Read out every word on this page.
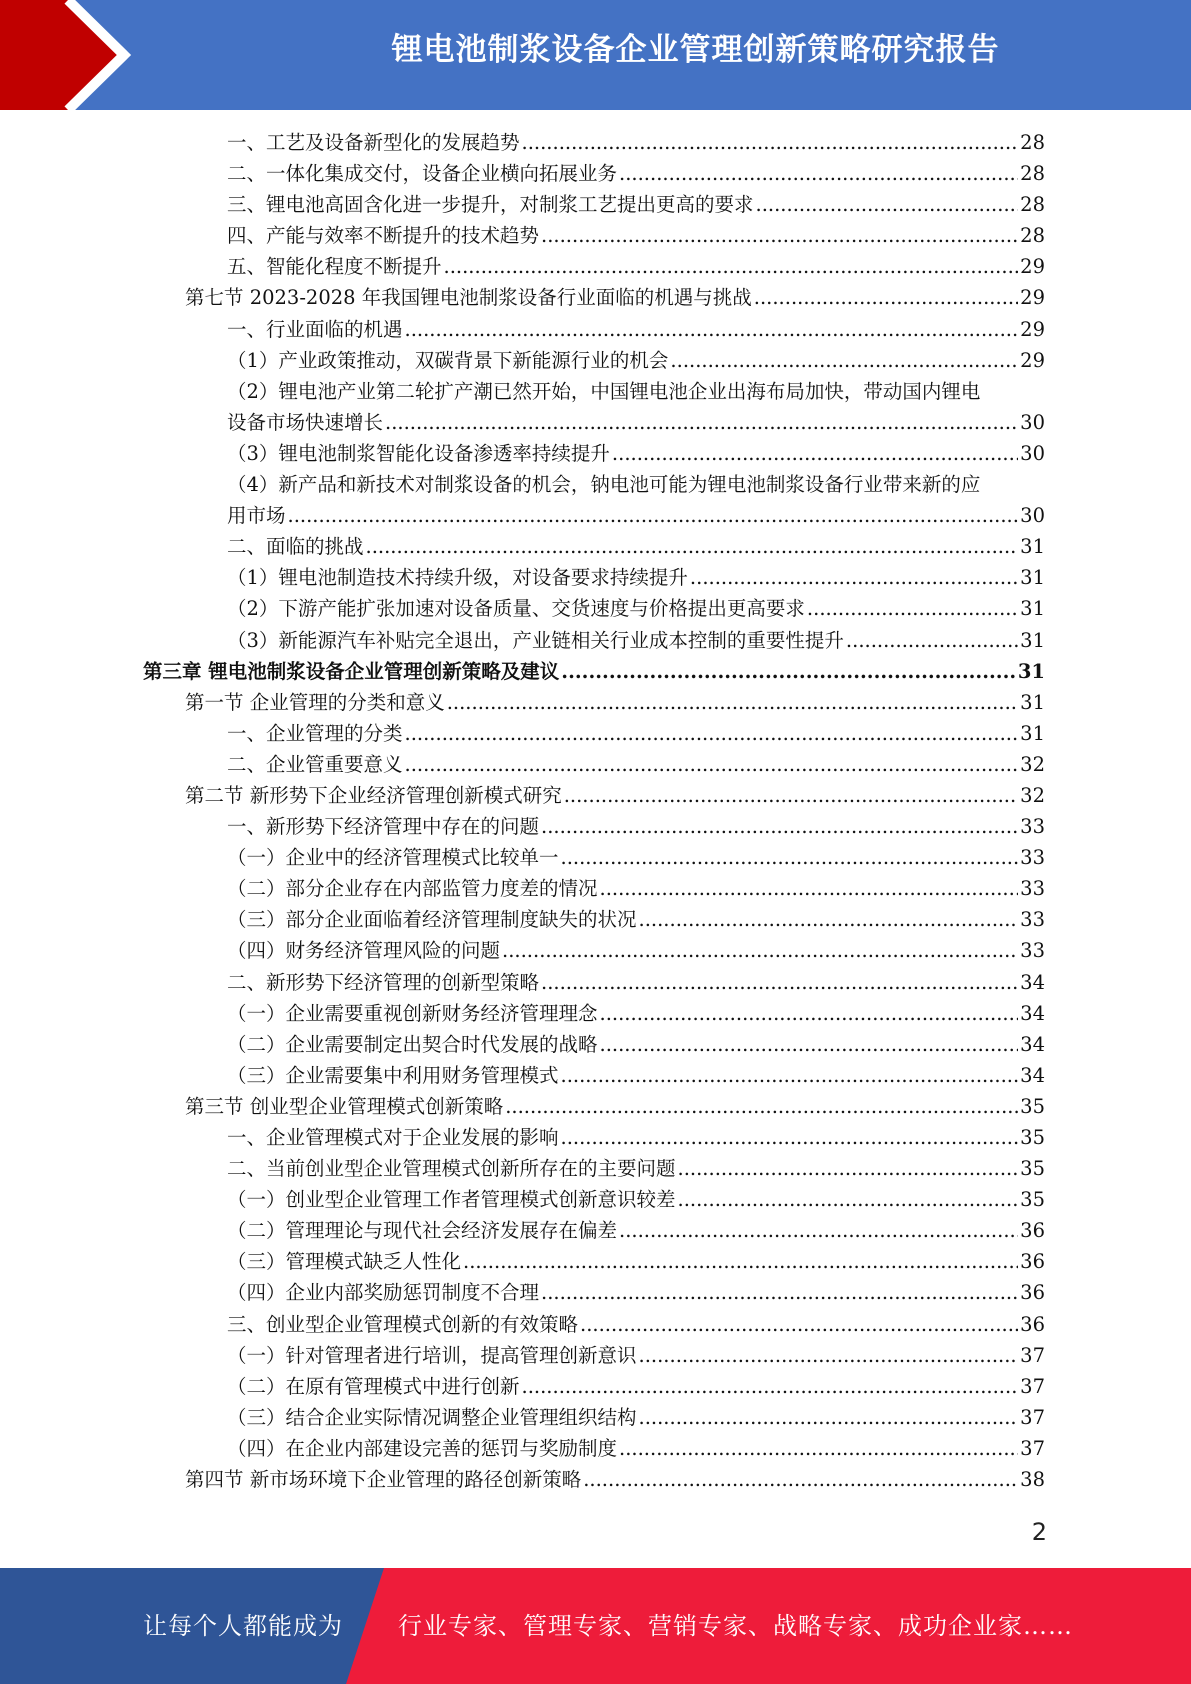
锂电池制浆设备企业管理创新策略研究报告
一、工艺及设备新型化的发展趋势 .....	28
二、一体化集成交付，设备企业横向拓展业务 .....	28
三、锂电池高固含化进一步提升，对制浆工艺提出更高的要求 .....	28
四、产能与效率不断提升的技术趋势 .....	28
五、智能化程度不断提升 .....	29
第七节 2023-2028 年我国锂电池制浆设备行业面临的机遇与挑战 .....	29
一、行业面临的机遇 .....	29
（1）产业政策推动，双碳背景下新能源行业的机会 .....	29
（2）锂电池产业第二轮扩产潮已然开始，中国锂电池企业出海布局加快，带动国内锂电
设备市场快速增长 .....	30
（3）锂电池制浆智能化设备渗透率持续提升 .....	30
（4）新产品和新技术对制浆设备的机会，钠电池可能为锂电池制浆设备行业带来新的应
用市场 .....	30
二、面临的挑战 .....	31
（1）锂电池制造技术持续升级，对设备要求持续提升 .....	31
（2）下游产能扩张加速对设备质量、交货速度与价格提出更高要求 .....	31
（3）新能源汽车补贴完全退出，产业链相关行业成本控制的重要性提升 .....	31
第三章 锂电池制浆设备企业管理创新策略及建议 .....	31
第一节 企业管理的分类和意义 .....	31
一、企业管理的分类 .....	31
二、企业管重要意义 .....	32
第二节 新形势下企业经济管理创新模式研究 .....	32
一、新形势下经济管理中存在的问题 .....	33
（一）企业中的经济管理模式比较单一 .....	33
（二）部分企业存在内部监管力度差的情况 .....	33
（三）部分企业面临着经济管理制度缺失的状况 .....	33
（四）财务经济管理风险的问题 .....	33
二、新形势下经济管理的创新型策略 .....	34
（一）企业需要重视创新财务经济管理理念 .....	34
（二）企业需要制定出契合时代发展的战略 .....	34
（三）企业需要集中利用财务管理模式 .....	34
第三节 创业型企业管理模式创新策略 .....	35
一、企业管理模式对于企业发展的影响 .....	35
二、当前创业型企业管理模式创新所存在的主要问题 .....	35
（一）创业型企业管理工作者管理模式创新意识较差 .....	35
（二）管理理论与现代社会经济发展存在偏差 .....	36
（三）管理模式缺乏人性化 .....	36
（四）企业内部奖励惩罚制度不合理 .....	36
三、创业型企业管理模式创新的有效策略 .....	36
（一）针对管理者进行培训，提高管理创新意识 .....	37
（二）在原有管理模式中进行创新 .....	37
（三）结合企业实际情况调整企业管理组织结构 .....	37
（四）在企业内部建设完善的惩罚与奖励制度 .....	37
第四节 新市场环境下企业管理的路径创新策略 .....	38
2
让每个人都能成为 行业专家、管理专家、营销专家、战略专家、成功企业家……
